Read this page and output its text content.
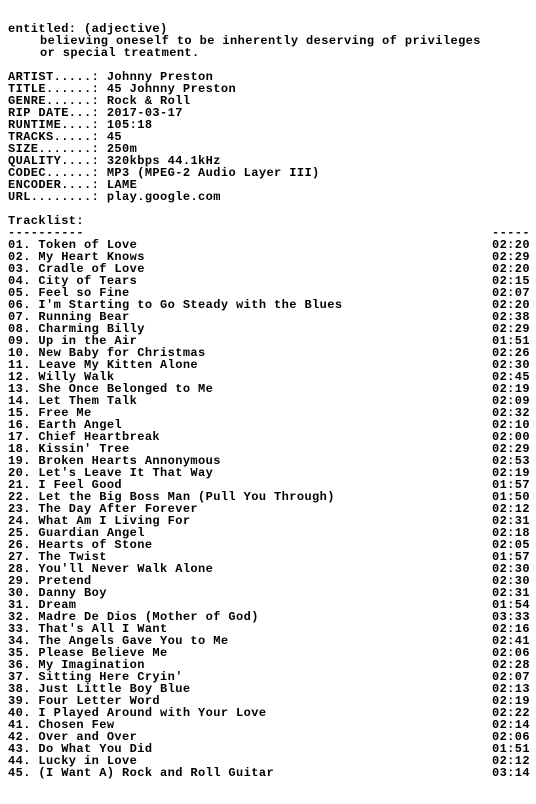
entitled: (adjective)
believing oneself to be inherently deserving of privileges
or special treatment.
ARTIST.....: Johnny Preston
TITLE......: 45 Johnny Preston
GENRE......: Rock & Roll
RIP DATE...: 2017-03-17
RUNTIME....: 105:18
TRACKS.....: 45
SIZE.......: 250m
QUALITY....: 320kbps 44.1kHz
CODEC......: MP3 (MPEG-2 Audio Layer III)
ENCODER....: LAME
URL........: play.google.com
Tracklist:
----------	-----
01. Token of Love	02:20
02. My Heart Knows	02:29
03. Cradle of Love	02:20
04. City of Tears	02:15
05. Feel so Fine	02:07
06. I'm Starting to Go Steady with the Blues	02:20
07. Running Bear	02:38
08. Charming Billy	02:29
09. Up in the Air	01:51
10. New Baby for Christmas	02:26
11. Leave My Kitten Alone	02:30
12. Willy Walk	02:45
13. She Once Belonged to Me	02:19
14. Let Them Talk	02:09
15. Free Me	02:32
16. Earth Angel	02:10
17. Chief Heartbreak	02:00
18. Kissin' Tree	02:29
19. Broken Hearts Annonymous	02:53
20. Let's Leave It That Way	02:19
21. I Feel Good	01:57
22. Let the Big Boss Man (Pull You Through)	01:50
23. The Day After Forever	02:12
24. What Am I Living For	02:31
25. Guardian Angel	02:18
26. Hearts of Stone	02:05
27. The Twist	01:57
28. You'll Never Walk Alone	02:30
29. Pretend	02:30
30. Danny Boy	02:31
31. Dream	01:54
32. Madre De Dios (Mother of God)	03:33
33. That's All I Want	02:16
34. The Angels Gave You to Me	02:41
35. Please Believe Me	02:06
36. My Imagination	02:28
37. Sitting Here Cryin'	02:07
38. Just Little Boy Blue	02:13
39. Four Letter Word	02:19
40. I Played Around with Your Love	02:22
41. Chosen Few	02:14
42. Over and Over	02:06
43. Do What You Did	01:51
44. Lucky in Love	02:12
45. (I Want A) Rock and Roll Guitar	03:14
